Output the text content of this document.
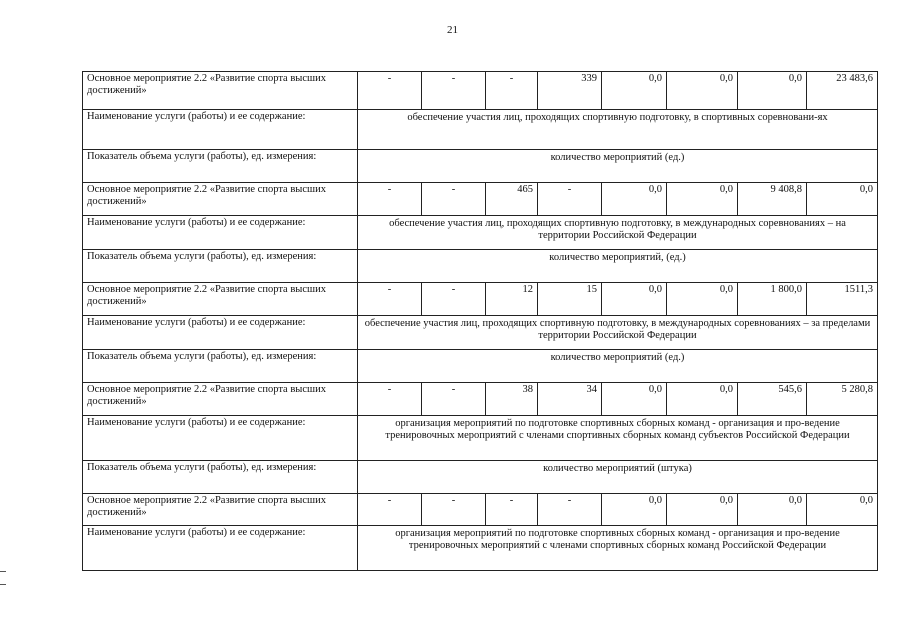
21
Основное мероприятие 2.2 «Развитие спорта высших достижений»	-	-	-	339	0,0	0,0	0,0	23 483,6
Наименование услуги (работы) и ее содержание:	обеспечение участия лиц, проходящих спортивную подготовку, в спортивных соревновани-ях							
Показатель объема услуги (работы), ед. измерения:	количество мероприятий (ед.)							
Основное мероприятие 2.2 «Развитие спорта высших достижений»	-	-	465	-	0,0	0,0	9 408,8	0,0
Наименование услуги (работы) и ее содержание:	обеспечение участия лиц, проходящих спортивную подготовку, в международных соревнованиях – на территории Российской Федерации							
Показатель объема услуги (работы), ед. измерения:	количество мероприятий, (ед.)							
Основное мероприятие 2.2 «Развитие спорта высших достижений»	-	-	12	15	0,0	0,0	1 800,0	1511,3
Наименование услуги (работы) и ее содержание:	обеспечение участия лиц, проходящих спортивную подготовку, в международных соревнованиях – за пределами территории Российской Федерации							
Показатель объема услуги (работы), ед. измерения:	количество мероприятий (ед.)							
Основное мероприятие 2.2 «Развитие спорта высших достижений»	-	-	38	34	0,0	0,0	545,6	5 280,8
Наименование услуги (работы) и ее содержание:	организация мероприятий по подготовке спортивных сборных команд - организация и про-ведение тренировочных мероприятий с членами спортивных сборных команд субъектов Российской Федерации							
Показатель объема услуги (работы), ед. измерения:	количество мероприятий (штука)							
Основное мероприятие 2.2 «Развитие спорта высших достижений»	-	-	-	-	0,0	0,0	0,0	0,0
Наименование услуги (работы) и ее содержание:	организация мероприятий по подготовке спортивных сборных команд - организация и про-ведение тренировочных мероприятий с членами спортивных сборных команд Российской Федерации							
